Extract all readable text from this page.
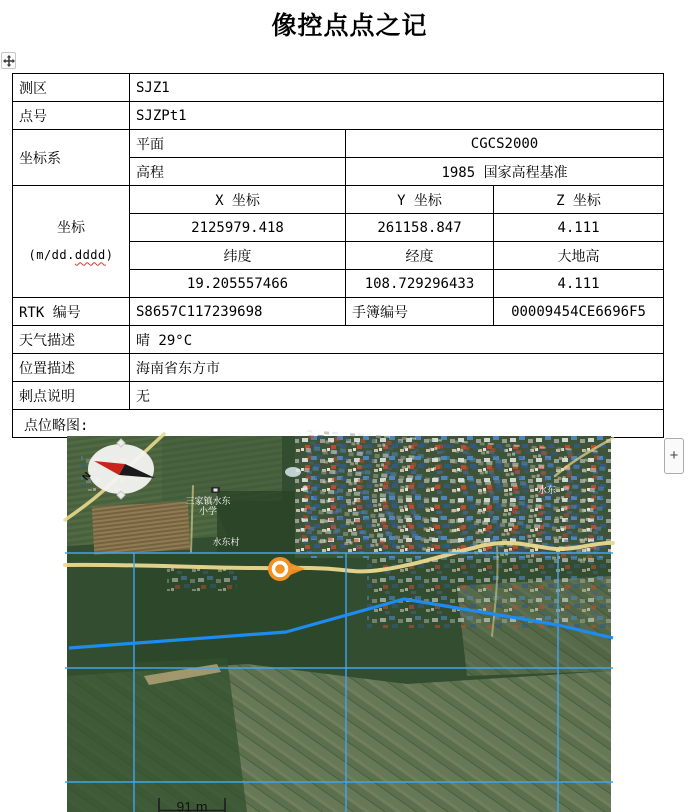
像控点点之记
测区	SJZ1		
点号	SJZPt1		
坐标系	平面	CGCS2000	
	高程	1985 国家高程基准	
坐标
(m/dd.dddd)	X 坐标	Y 坐标	Z 坐标
	2125979.418	261158.847	4.111
	纬度	经度	大地高
	19.205557466	108.729296433	4.111
RTK 编号	S8657C117239698	手簿编号	00009454CE6696F5
天气描述	晴 29°C		
位置描述	海南省东方市		
刺点说明	无		

点位略图:
N
三家镇水东
小学
水东村
水东
91 m
+
